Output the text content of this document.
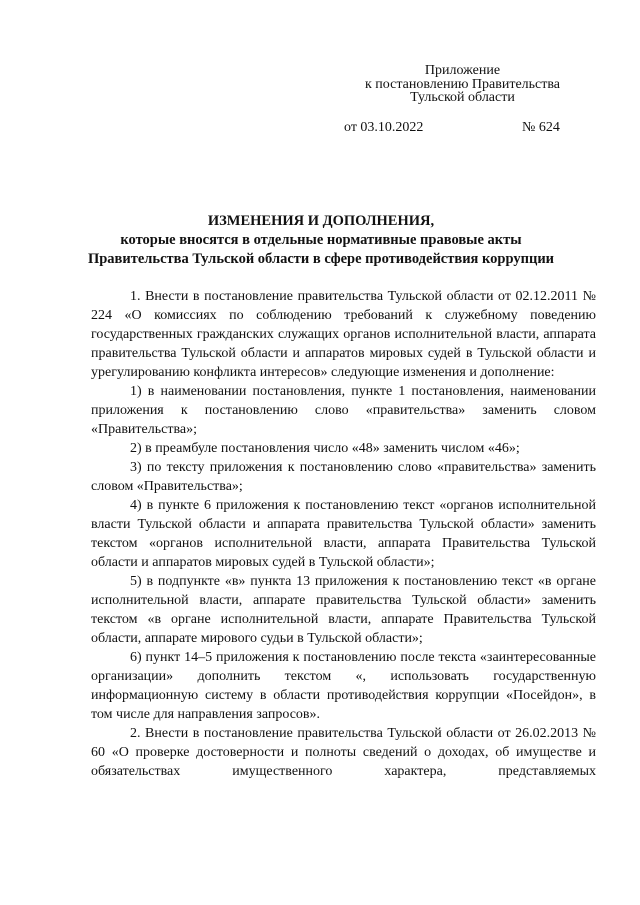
Приложение
к постановлению Правительства
Тульской области
от 03.10.2022	№ 624
ИЗМЕНЕНИЯ И ДОПОЛНЕНИЯ,
которые вносятся в отдельные нормативные правовые акты
Правительства Тульской области в сфере противодействия коррупции

1. Внести в постановление правительства Тульской области от 02.12.2011 № 224 «О комиссиях по соблюдению требований к служебному поведению государственных гражданских служащих органов исполнительной власти, аппарата правительства Тульской области и аппаратов мировых судей в Тульской области и урегулированию конфликта интересов» следующие изменения и дополнение:

1) в наименовании постановления, пункте 1 постановления, наименовании приложения к постановлению слово «правительства» заменить словом «Правительства»;

2) в преамбуле постановления число «48» заменить числом «46»;

3) по тексту приложения к постановлению слово «правительства» заменить словом «Правительства»;

4) в пункте 6 приложения к постановлению текст «органов исполнительной власти Тульской области и аппарата правительства Тульской области» заменить текстом «органов исполнительной власти, аппарата Правительства Тульской области и аппаратов мировых судей в Тульской области»;

5) в подпункте «в» пункта 13 приложения к постановлению текст «в органе исполнительной власти, аппарате правительства Тульской области» заменить текстом «в органе исполнительной власти, аппарате Правительства Тульской области, аппарате мирового судьи в Тульской области»;

6) пункт 14–5 приложения к постановлению после текста «заинтересованные организации» дополнить текстом «, использовать государственную информационную систему в области противодействия коррупции «Посейдон», в том числе для направления запросов».

2. Внести в постановление правительства Тульской области от 26.02.2013 № 60 «О проверке достоверности и полноты сведений о доходах, об имуществе и обязательствах имущественного характера, представляемых
